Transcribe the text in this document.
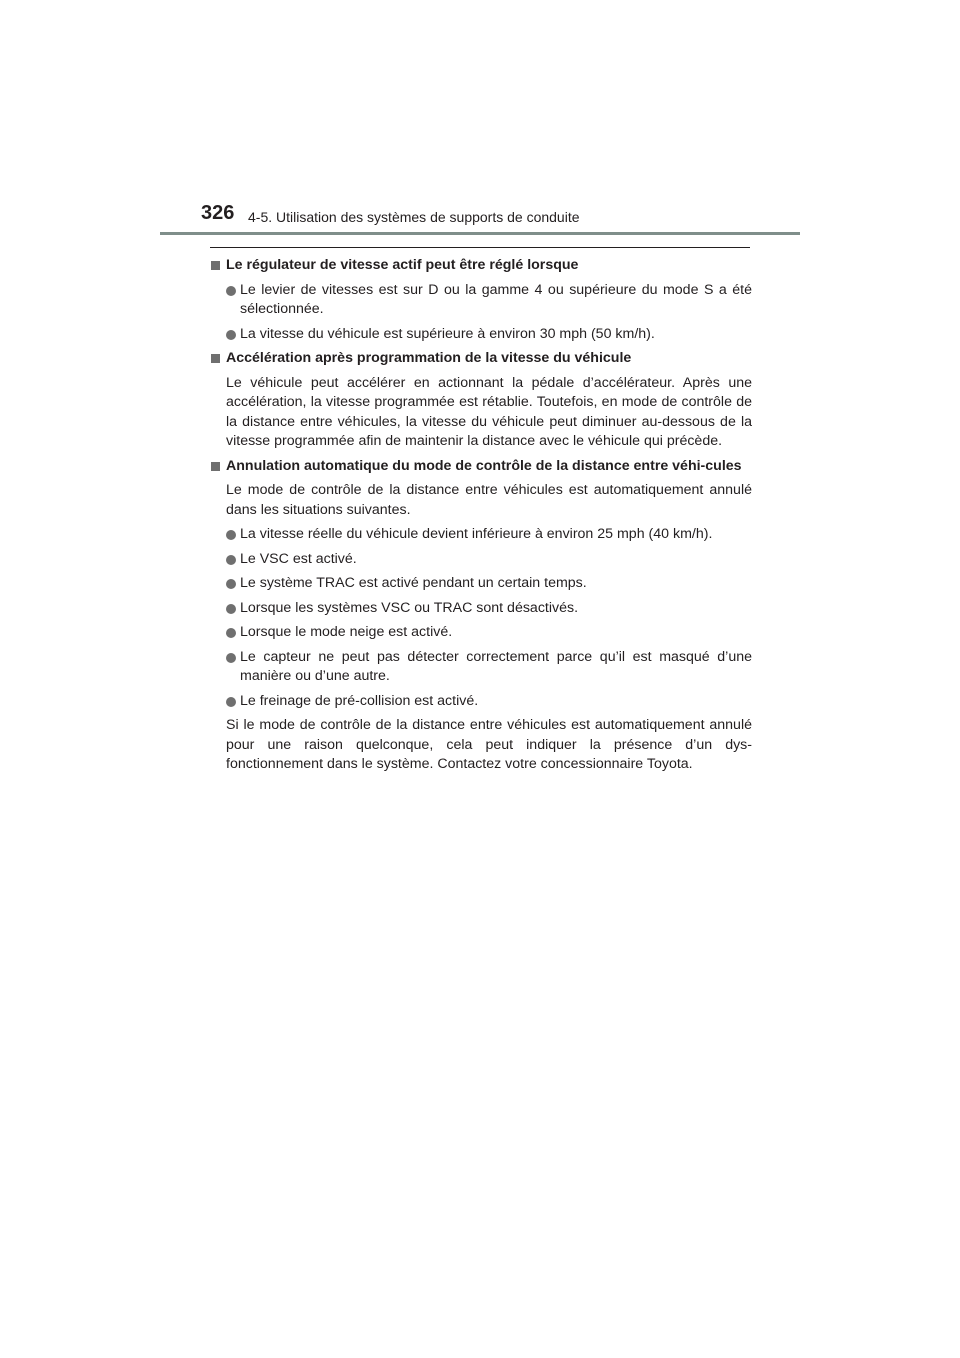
326 4-5. Utilisation des systèmes de supports de conduite
Le régulateur de vitesse actif peut être réglé lorsque
Le levier de vitesses est sur D ou la gamme 4 ou supérieure du mode S a été sélectionnée.
La vitesse du véhicule est supérieure à environ 30 mph (50 km/h).
Accélération après programmation de la vitesse du véhicule
Le véhicule peut accélérer en actionnant la pédale d’accélérateur. Après une accélération, la vitesse programmée est rétablie. Toutefois, en mode de contrôle de la distance entre véhicules, la vitesse du véhicule peut diminuer au-dessous de la vitesse programmée afin de maintenir la distance avec le véhicule qui précède.
Annulation automatique du mode de contrôle de la distance entre véhi-cules
Le mode de contrôle de la distance entre véhicules est automatiquement annulé dans les situations suivantes.
La vitesse réelle du véhicule devient inférieure à environ 25 mph (40 km/h).
Le VSC est activé.
Le système TRAC est activé pendant un certain temps.
Lorsque les systèmes VSC ou TRAC sont désactivés.
Lorsque le mode neige est activé.
Le capteur ne peut pas détecter correctement parce qu’il est masqué d’une manière ou d’une autre.
Le freinage de pré-collision est activé.
Si le mode de contrôle de la distance entre véhicules est automatiquement annulé pour une raison quelconque, cela peut indiquer la présence d’un dys-fonctionnement dans le système. Contactez votre concessionnaire Toyota.
